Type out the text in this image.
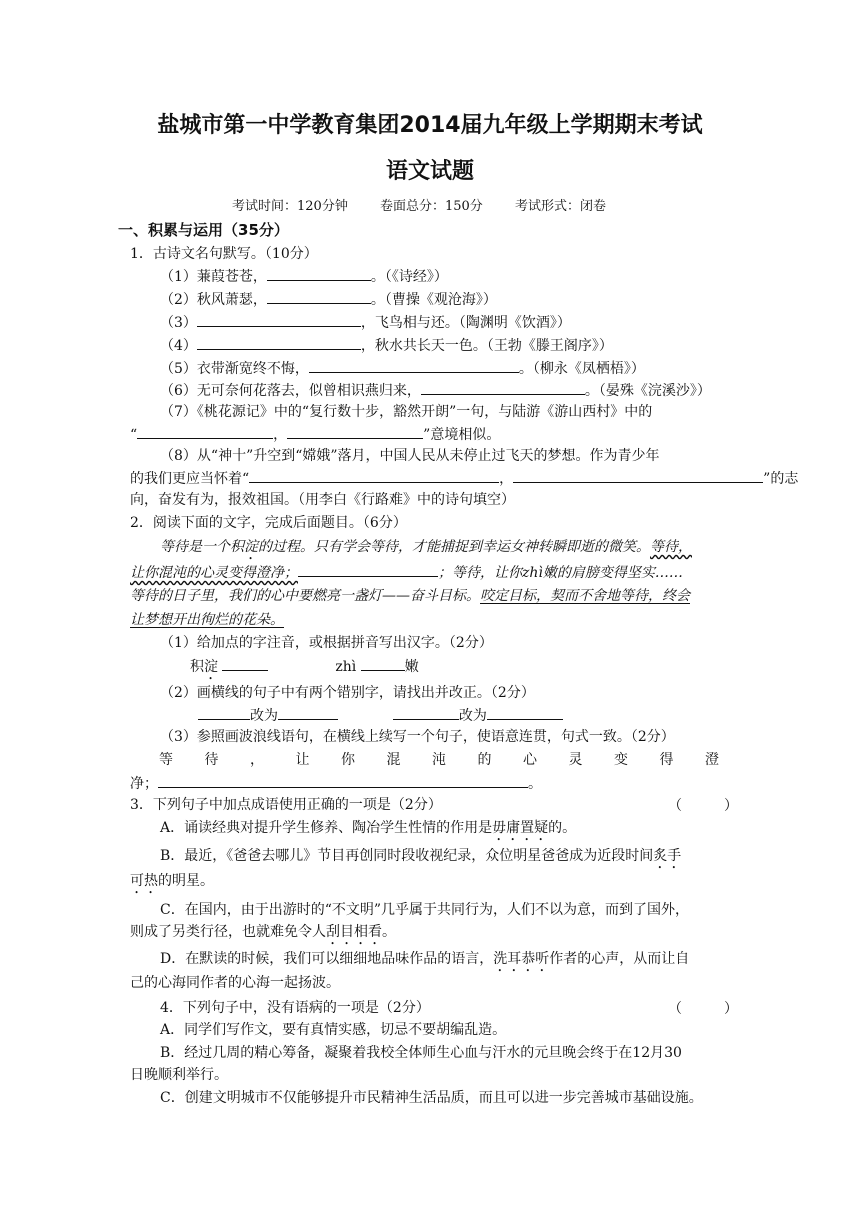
盐城市第一中学教育集团2014届九年级上学期期末考试
语文试题
考试时间：120分钟 卷面总分：150分 考试形式：闭卷
一、积累与运用（35分）
1．古诗文名句默写。（10分）
（1）蒹葭苍苍，	。（《诗经》）
（2）秋风萧瑟，	。（曹操《观沧海》）
（3）	，飞鸟相与还。（陶渊明《饮酒》）
（4）	，秋水共长天一色。（王勃《滕王阁序》）
（5）衣带渐宽终不悔，	。（柳永《凤栖梧》）
（6）无可奈何花落去，似曾相识燕归来，	。（晏殊《浣溪沙》）
（7）《桃花源记》中的“复行数十步，豁然开朗”一句，与陆游《游山西村》中的
“	，	”意境相似。
（8）从“神十”升空到“嫦娥”落月，中国人民从未停止过飞天的梦想。作为青少年
的我们更应当怀着“	，	”的志
向，奋发有为，报效祖国。（用李白《行路难》中的诗句填空）
2．阅读下面的文字，完成后面题目。（6分）
等待是一个积淀的过程。只有学会等待，才能捕捉到幸运女神转瞬即逝的微笑。等待，
让你混沌的心灵变得澄净；	；等待，让你zhì嫩的肩膀变得坚实……
等待的日子里，我们的心中要燃亮一盏灯——奋斗目标。咬定目标，契而不舍地等待，终会
让梦想开出徇烂的花朵。
（1）给加点的字注音，或根据拼音写出汉字。（2分）
积淀	zhì	嫩
（2）画横线的句子中有两个错别字，请找出并改正。（2分）
改为	改为
（3）参照画波浪线语句，在横线上续写一个句子，使语意连贯，句式一致。（2分）
等 待 ， 让 你 混 沌 的 心 灵 变 得 澄
净；	。
3．下列句子中加点成语使用正确的一项是（2分）	（　　　）
A．诵读经典对提升学生修养、陶冶学生性情的作用是毋庸置疑的。
B．最近，《爸爸去哪儿》节目再创同时段收视纪录，众位明星爸爸成为近段时间炙手
可热的明星。
C．在国内，由于出游时的“不文明”几乎属于共同行为，人们不以为意，而到了国外，
则成了另类行径，也就难免令人刮目相看。
D．在默读的时候，我们可以细细地品味作品的语言，洗耳恭听作者的心声，从而让自
己的心海同作者的心海一起扬波。
4．下列句子中，没有语病的一项是（2分）	（　　　）
A．同学们写作文，要有真情实感，切忌不要胡编乱造。
B．经过几周的精心筹备，凝聚着我校全体师生心血与汗水的元旦晚会终于在12月30
日晚顺利举行。
C．创建文明城市不仅能够提升市民精神生活品质，而且可以进一步完善城市基础设施。
